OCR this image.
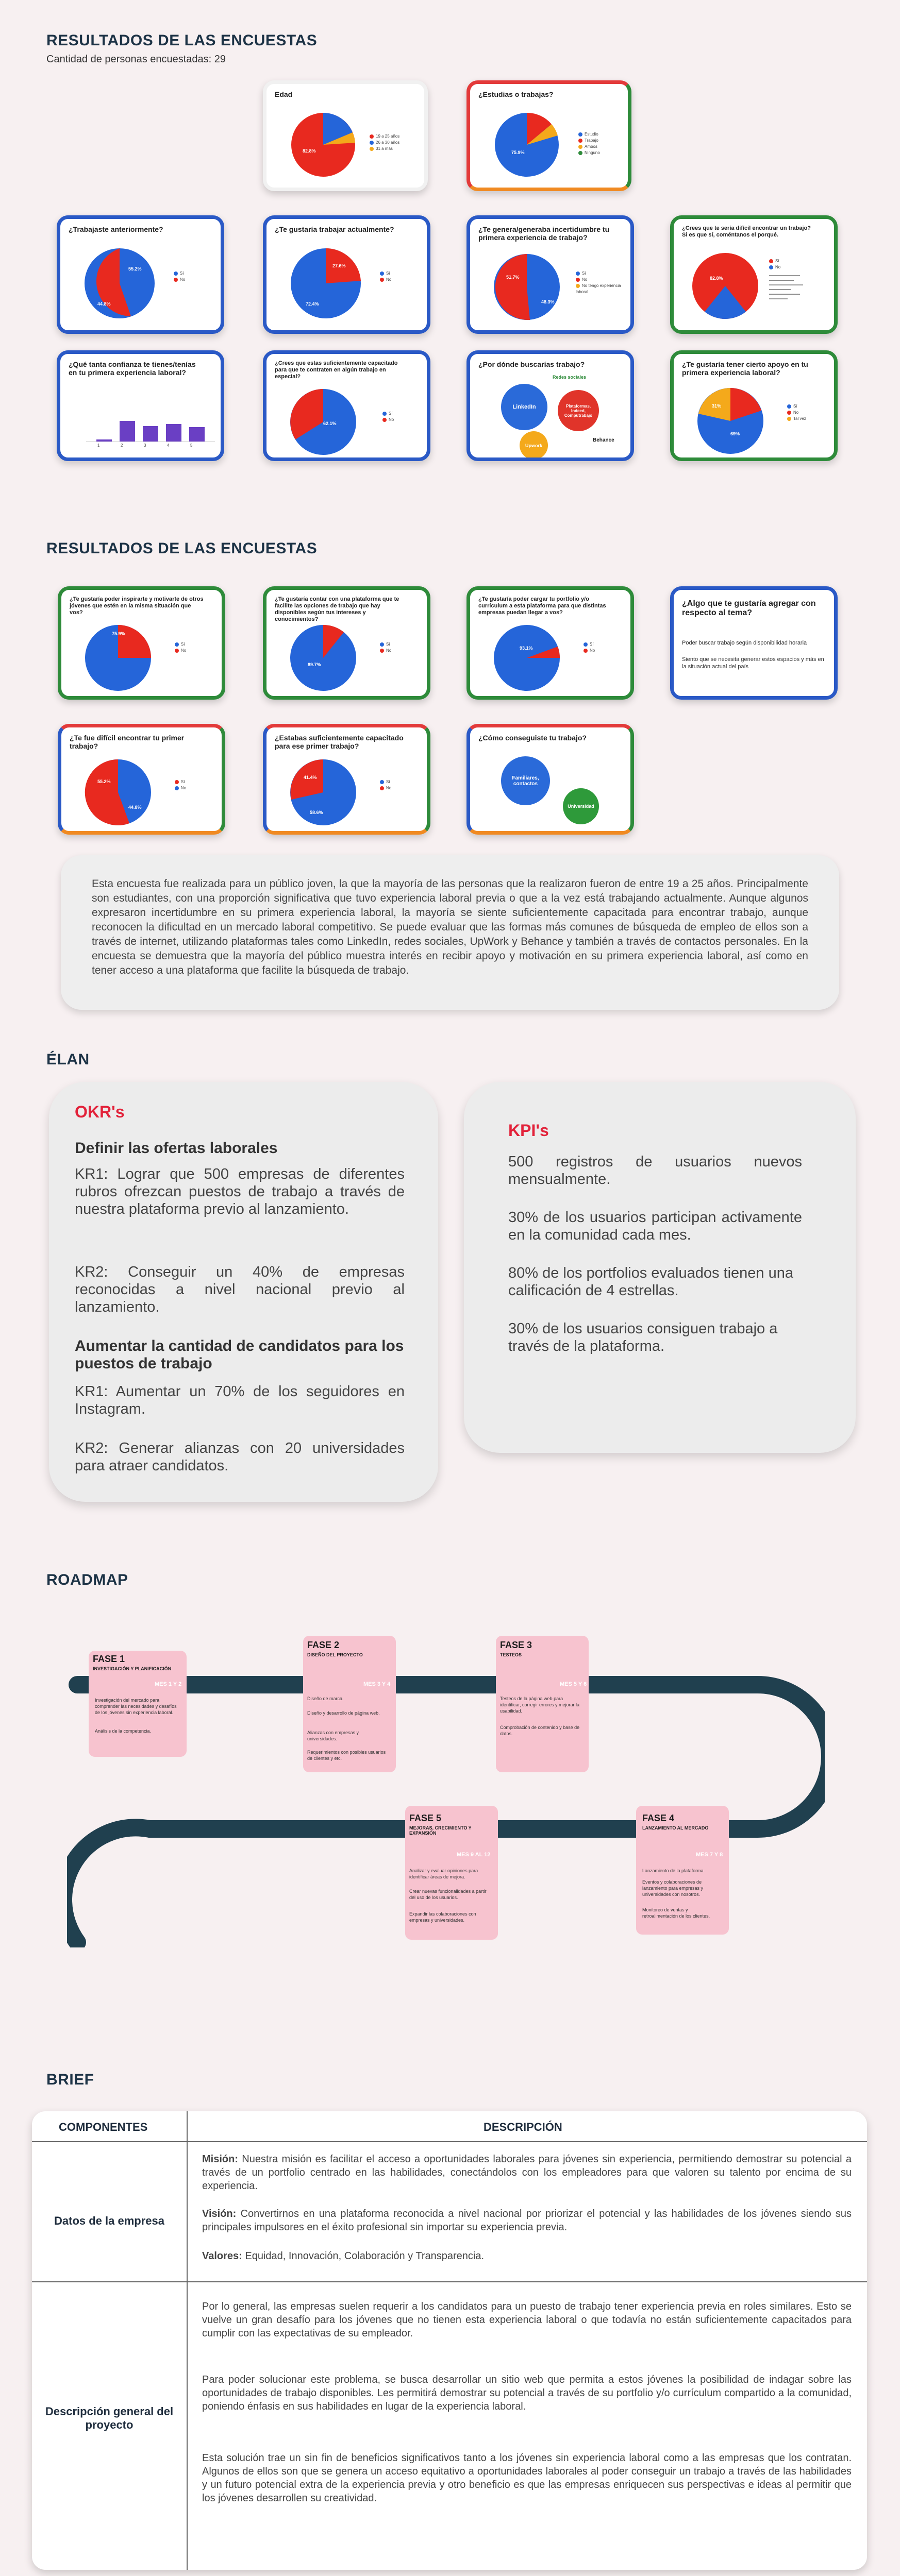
RESULTADOS DE LAS ENCUESTAS
Cantidad de personas encuestadas: 29
Edad
82.8%
19 a 25 años
26 a 30 años
31 a más
¿Estudias o trabajas?
75.9%
Estudio
Trabajo
Ambos
Ninguno
¿Trabajaste anteriormente?
55.2%
44.8%
Sí
No
¿Te gustaría trabajar actualmente?
27.6%
72.4%
Sí
No
¿Te genera/generaba incertidumbre tu primera experiencia de trabajo?
51.7%
48.3%
Sí
No
No tengo experiencia laboral
¿Crees que te sería difícil encontrar un trabajo? Si es que sí, coméntanos el porqué.
82.8%
Sí
No
▬▬▬▬▬▬▬▬▬▬
▬▬▬▬▬▬▬▬
▬▬▬▬▬▬▬▬▬▬▬
▬▬▬▬▬▬▬
▬▬▬▬▬▬▬▬▬▬
▬▬▬▬▬▬
¿Qué tanta confianza te tienes/tenías en tu primera experiencia laboral?
1	2	3	4	5
¿Crees que estas suficientemente capacitado para que te contraten en algún trabajo en especial?
62.1%
Sí
No
¿Por dónde buscarías trabajo?
LinkedIn	Plataformas, Indeed, Computrabajo
Redes sociales
Behance
Upwork
¿Te gustaría tener cierto apoyo en tu primera experiencia laboral?
69%
31%	Sí
No
Tal vez
RESULTADOS DE LAS ENCUESTAS
¿Te gustaría poder inspirarte y motivarte de otros jóvenes que estén en la misma situación que vos?
75.9%
Sí
No
¿Te gustaría contar con una plataforma que te facilite las opciones de trabajo que hay disponibles según tus intereses y conocimientos?
89.7%
Sí
No
¿Te gustaría poder cargar tu portfolio y/o currículum a esta plataforma para que distintas empresas puedan llegar a vos?
93.1%
Sí
No
¿Algo que te gustaría agregar con respecto al tema?
Poder buscar trabajo según disponibilidad horaria
Siento que se necesita generar estos espacios y más en la situación actual del país
¿Te fue difícil encontrar tu primer trabajo?
55.2%
44.8%
Sí
No
¿Estabas suficientemente capacitado para ese primer trabajo?
58.6%
41.4%
Sí
No
¿Cómo conseguiste tu trabajo?
Familiares, contactos
Universidad
Esta encuesta fue realizada para un público joven, la que la mayoría de las personas que la realizaron fueron de entre 19 a 25 años. Principalmente son estudiantes, con una proporción significativa que tuvo experiencia laboral previa o que a la vez está trabajando actualmente. Aunque algunos expresaron incertidumbre en su primera experiencia laboral, la mayoría se siente suficientemente capacitada para encontrar trabajo, aunque reconocen la dificultad en un mercado laboral competitivo. Se puede evaluar que las formas más comunes de búsqueda de empleo de ellos son a través de internet, utilizando plataformas tales como LinkedIn, redes sociales, UpWork y Behance y también a través de contactos personales. En la encuesta se demuestra que la mayoría del público muestra interés en recibir apoyo y motivación en su primera experiencia laboral, así como en tener acceso a una plataforma que facilite la búsqueda de trabajo.
ÉLAN
OKR's
Definir las ofertas laborales
KR1: Lograr que 500 empresas de diferentes rubros ofrezcan puestos de trabajo a través de nuestra plataforma previo al lanzamiento.
KR2: Conseguir un 40% de empresas reconocidas a nivel nacional previo al lanzamiento.
Aumentar la cantidad de candidatos para los puestos de trabajo
KR1: Aumentar un 70% de los seguidores en Instagram.
KR2: Generar alianzas con 20 universidades para atraer candidatos.
KPI's
500 registros de usuarios nuevos mensualmente.
30% de los usuarios participan activamente en la comunidad cada mes.
80% de los portfolios evaluados tienen una calificación de 4 estrellas.
30% de los usuarios consiguen trabajo a través de la plataforma.
ROADMAP
FASE 1
INVESTIGACIÓN Y PLANIFICACIÓN
Investigación del mercado para comprender las necesidades y desafíos de los jóvenes sin experiencia laboral.
Análisis de la competencia.
MES 1 Y 2
FASE 2
DISEÑO DEL PROYECTO
Diseño de marca.
Diseño y desarrollo de página web.
Alianzas con empresas y universidades.
Requerimientos con posibles usuarios de clientes y etc.
MES 3 Y 4
FASE 3
TESTEOS
Testeos de la página web para identificar, corregir errores y mejorar la usabilidad.
Comprobación de contenido y base de datos.
MES 5 Y 6
FASE 4
LANZAMIENTO AL MERCADO
Lanzamiento de la plataforma.
Eventos y colaboraciones de lanzamiento para empresas y universidades con nosotros.
Monitoreo de ventas y retroalimentación de los clientes.
MES 7 Y 8
FASE 5
MEJORAS, CRECIMIENTO Y EXPANSIÓN
Analizar y evaluar opiniones para identificar áreas de mejora.
Crear nuevas funcionalidades a partir del uso de los usuarios.
Expandir las colaboraciones con empresas y universidades.
MES 9 AL 12
BRIEF
COMPONENTES	DESCRIPCIÓN
Datos de la empresa
Misión: Nuestra misión es facilitar el acceso a oportunidades laborales para jóvenes sin experiencia, permitiendo demostrar su potencial a través de un portfolio centrado en las habilidades, conectándolos con los empleadores para que valoren su talento por encima de su experiencia.
Visión: Convertirnos en una plataforma reconocida a nivel nacional por priorizar el potencial y las habilidades de los jóvenes siendo sus principales impulsores en el éxito profesional sin importar su experiencia previa.
Valores: Equidad, Innovación, Colaboración y Transparencia.
Descripción general del proyecto
Por lo general, las empresas suelen requerir a los candidatos para un puesto de trabajo tener experiencia previa en roles similares. Esto se vuelve un gran desafío para los jóvenes que no tienen esta experiencia laboral o que todavía no están suficientemente capacitados para cumplir con las expectativas de su empleador.
Para poder solucionar este problema, se busca desarrollar un sitio web que permita a estos jóvenes la posibilidad de indagar sobre las oportunidades de trabajo disponibles. Les permitirá demostrar su potencial a través de su portfolio y/o currículum compartido a la comunidad, poniendo énfasis en sus habilidades en lugar de la experiencia laboral.
Esta solución trae un sin fin de beneficios significativos tanto a los jóvenes sin experiencia laboral como a las empresas que los contratan. Algunos de ellos son que se genera un acceso equitativo a oportunidades laborales al poder conseguir un trabajo a través de las habilidades y un futuro potencial extra de la experiencia previa y otro beneficio es que las empresas enriquecen sus perspectivas e ideas al permitir que los jóvenes desarrollen su creatividad.
